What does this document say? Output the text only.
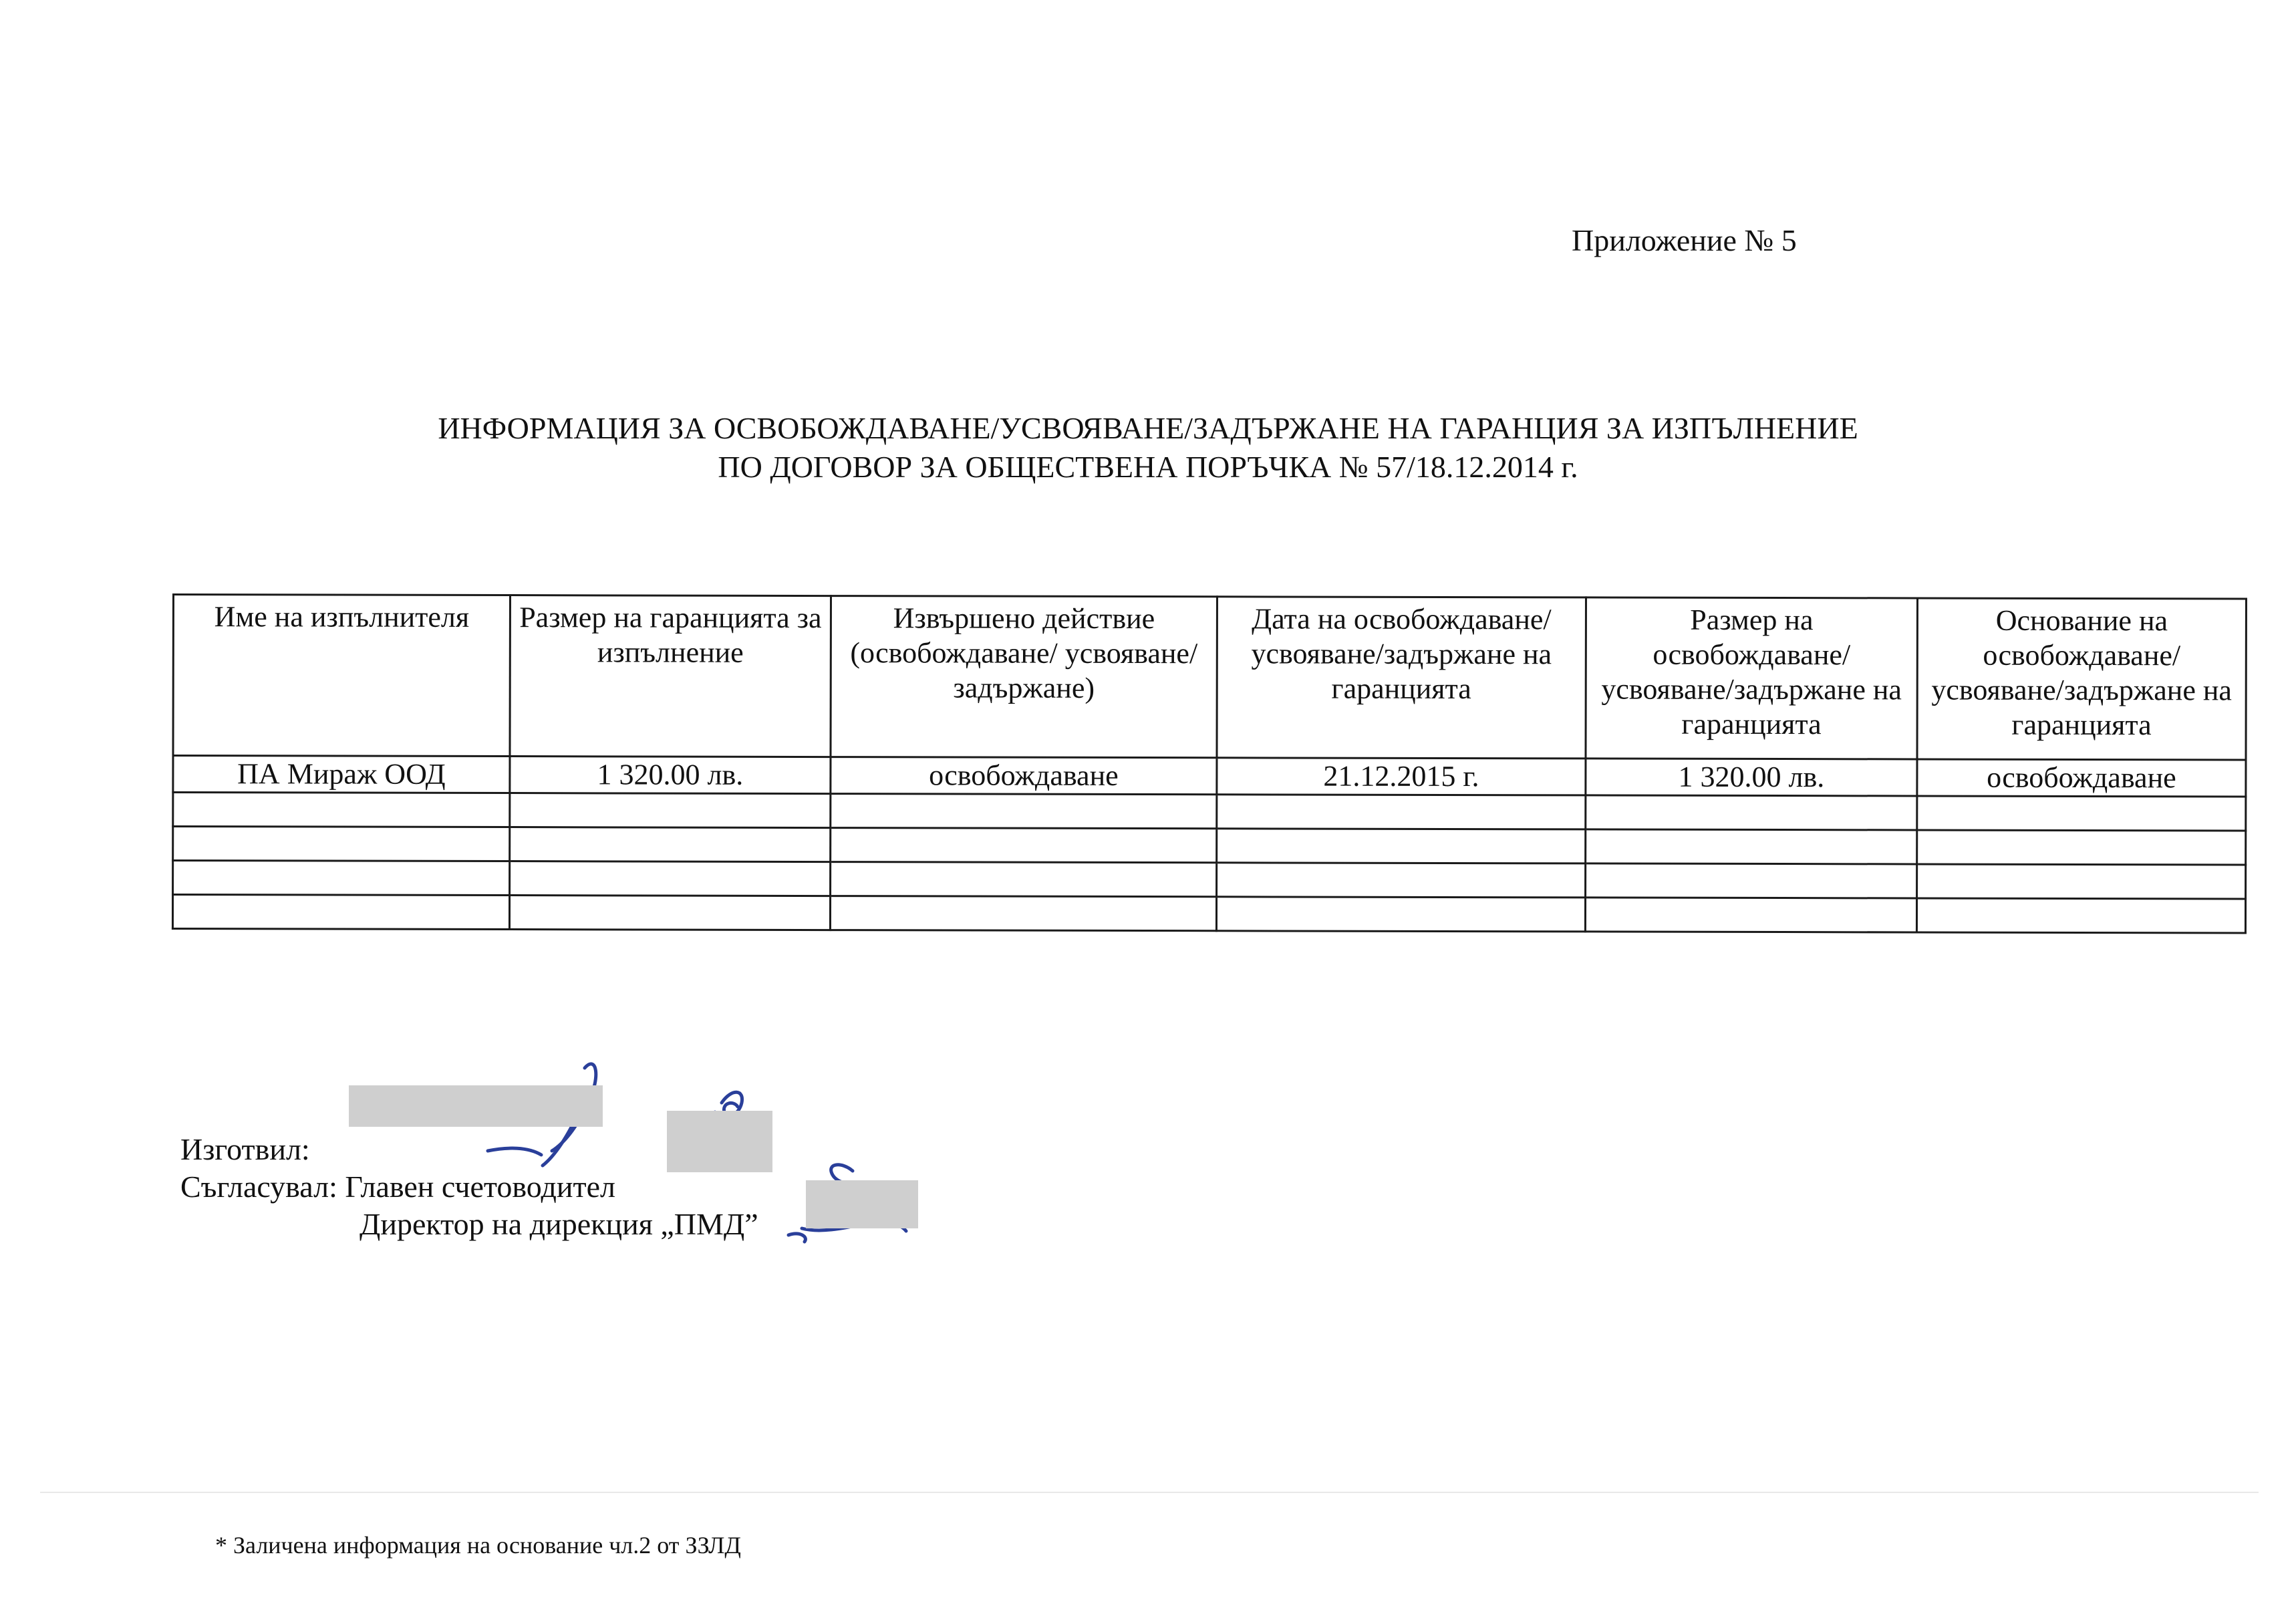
Приложение № 5
ИНФОРМАЦИЯ ЗА ОСВОБОЖДАВАНЕ/УСВОЯВАНЕ/ЗАДЪРЖАНЕ НА ГАРАНЦИЯ ЗА ИЗПЪЛНЕНИЕ
ПО ДОГОВОР ЗА ОБЩЕСТВЕНА ПОРЪЧКА № 57/18.12.2014 г.
Име на изпълнителя	Размер на гаранцията за изпълнение	Извършено действие (освобождаване/ усвояване/задържане)	Дата на освобождаване/ усвояване/задържане на гаранцията	Размер на освобождаване/ усвояване/задържане на гаранцията	Основание на освобождаване/ усвояване/задържане на гаранцията
ПА Мираж ООД	1 320.00 лв.	освобождаване	21.12.2015 г.	1 320.00 лв.	освобождаване

Изготвил:
Съгласувал: Главен счетоводител
Директор на дирекция „ПМД”
* Заличена информация на основание чл.2 от ЗЗЛД
